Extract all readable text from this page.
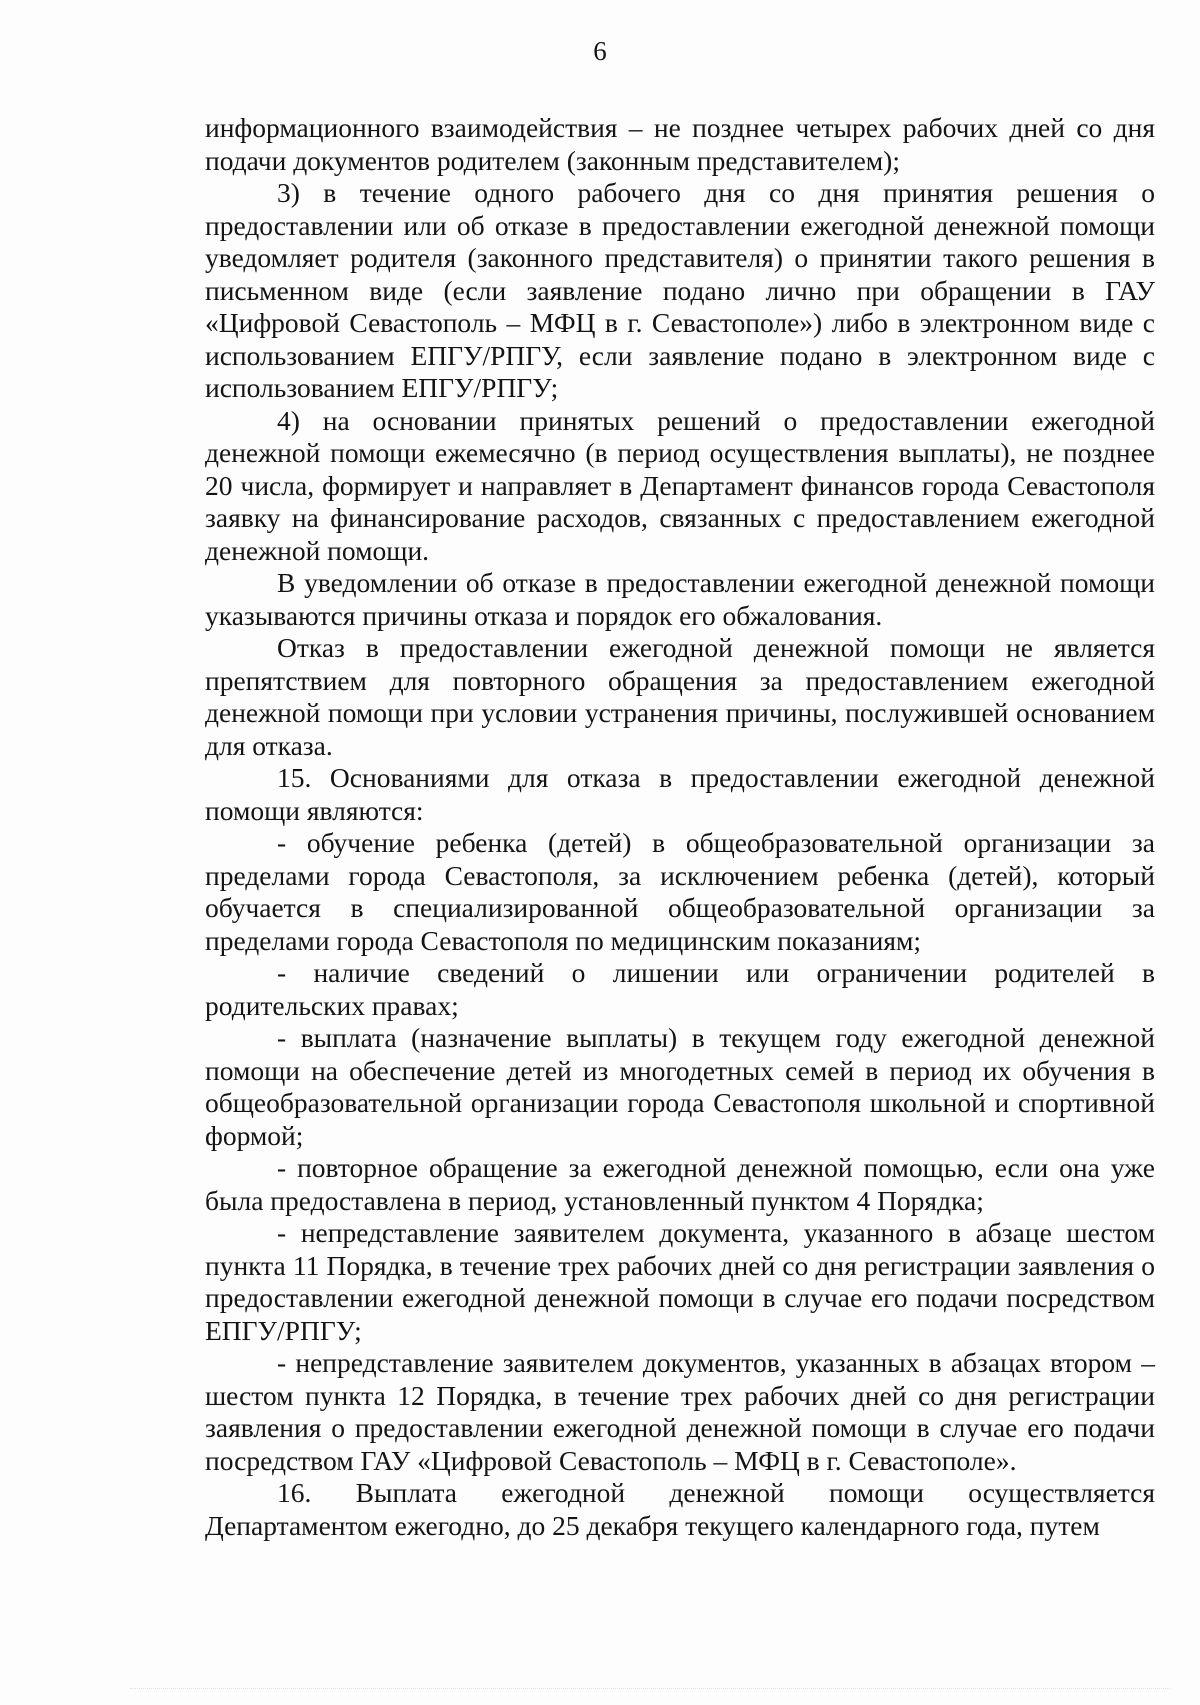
6

информационного взаимодействия – не позднее четырех рабочих дней со дня подачи документов родителем (законным представителем);

3) в течение одного рабочего дня со дня принятия решения о предоставлении или об отказе в предоставлении ежегодной денежной помощи уведомляет родителя (законного представителя) о принятии такого решения в письменном виде (если заявление подано лично при обращении в ГАУ «Цифровой Севастополь – МФЦ в г. Севастополе») либо в электронном виде с использованием ЕПГУ/РПГУ, если заявление подано в электронном виде с использованием ЕПГУ/РПГУ;

4) на основании принятых решений о предоставлении ежегодной денежной помощи ежемесячно (в период осуществления выплаты), не позднее 20 числа, формирует и направляет в Департамент финансов города Севастополя заявку на финансирование расходов, связанных с предоставлением ежегодной денежной помощи.

В уведомлении об отказе в предоставлении ежегодной денежной помощи указываются причины отказа и порядок его обжалования.

Отказ в предоставлении ежегодной денежной помощи не является препятствием для повторного обращения за предоставлением ежегодной денежной помощи при условии устранения причины, послужившей основанием для отказа.

15. Основаниями для отказа в предоставлении ежегодной денежной помощи являются:

- обучение ребенка (детей) в общеобразовательной организации за пределами города Севастополя, за исключением ребенка (детей), который обучается в специализированной общеобразовательной организации за пределами города Севастополя по медицинским показаниям;

- наличие сведений о лишении или ограничении родителей в родительских правах;

- выплата (назначение выплаты) в текущем году ежегодной денежной помощи на обеспечение детей из многодетных семей в период их обучения в общеобразовательной организации города Севастополя школьной и спортивной формой;

- повторное обращение за ежегодной денежной помощью, если она уже была предоставлена в период, установленный пунктом 4 Порядка;

- непредставление заявителем документа, указанного в абзаце шестом пункта 11 Порядка, в течение трех рабочих дней со дня регистрации заявления о предоставлении ежегодной денежной помощи в случае его подачи посредством ЕПГУ/РПГУ;

- непредставление заявителем документов, указанных в абзацах втором – шестом пункта 12 Порядка, в течение трех рабочих дней со дня регистрации заявления о предоставлении ежегодной денежной помощи в случае его подачи посредством ГАУ «Цифровой Севастополь – МФЦ в г. Севастополе».

16. Выплата ежегодной денежной помощи осуществляется Департаментом ежегодно, до 25 декабря текущего календарного года, путем
